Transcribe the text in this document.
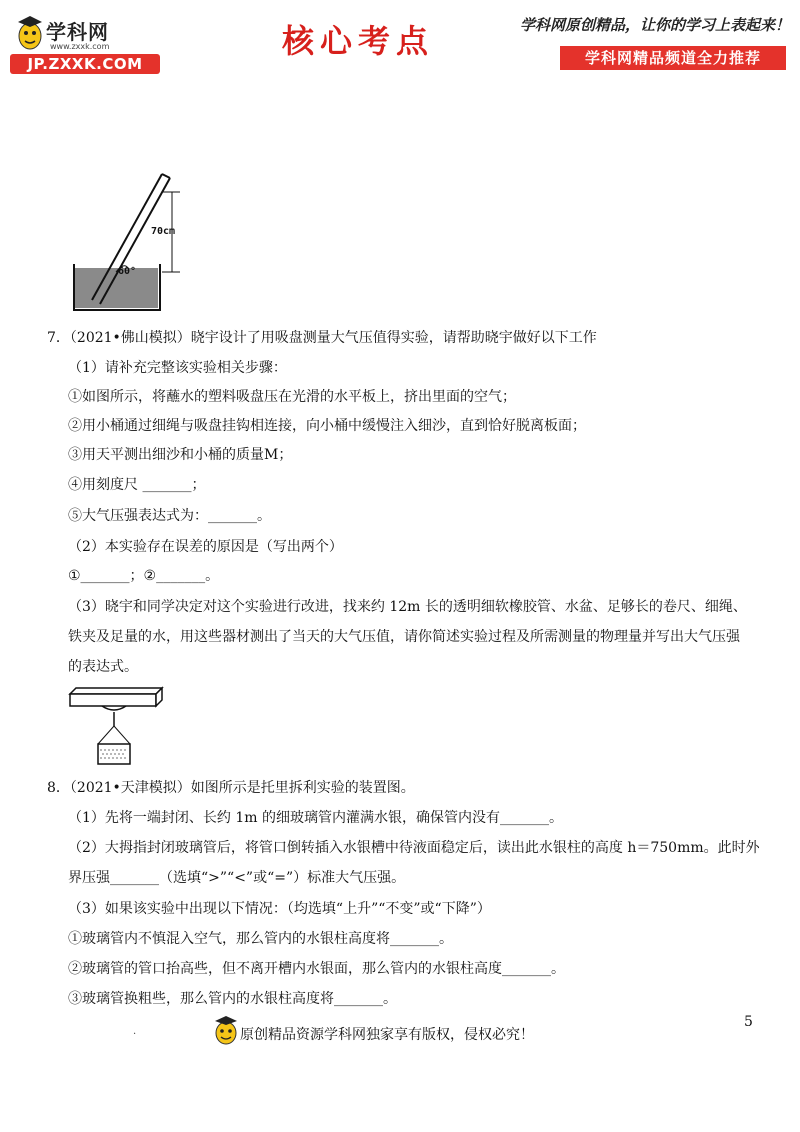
学科网
www.zxxk.com
JP.ZXXK.COM
核心考点	学科网原创精品，让你的学习上表起来！
学科网精品频道全力推荐
70cm
60°
7．（2021•佛山模拟）晓宇设计了用吸盘测量大气压值得实验，请帮助晓宇做好以下工作
（1）请补充完整该实验相关步骤：
①如图所示，将蘸水的塑料吸盘压在光滑的水平板上，挤出里面的空气；
②用小桶通过细绳与吸盘挂钩相连接，向小桶中缓慢注入细沙，直到恰好脱离板面；
③用天平测出细沙和小桶的质量M；
④用刻度尺 _______；
⑤大气压强表达式为：_______。
（2）本实验存在误差的原因是（写出两个）
①_______；②_______。
（3）晓宇和同学决定对这个实验进行改进，找来约 12m 长的透明细软橡胶管、水盆、足够长的卷尺、细绳、
铁夹及足量的水，用这些器材测出了当天的大气压值，请你简述实验过程及所需测量的物理量并写出大气压强
的表达式。
8．（2021•天津模拟）如图所示是托里拆利实验的装置图。
（1）先将一端封闭、长约 1m 的细玻璃管内灌满水银，确保管内没有_______。
（2）大拇指封闭玻璃管后，将管口倒转插入水银槽中待液面稳定后，读出此水银柱的高度 h＝750mm。此时外
界压强_______（选填“>”“<”或“=”）标准大气压强。
（3）如果该实验中出现以下情况：（均选填“上升”“不变”或“下降”）
①玻璃管内不慎混入空气，那么管内的水银柱高度将_______。
②玻璃管的管口抬高些，但不离开槽内水银面，那么管内的水银柱高度_______。
③玻璃管换粗些，那么管内的水银柱高度将_______。
原创精品资源学科网独家享有版权，侵权必究！
.
5
